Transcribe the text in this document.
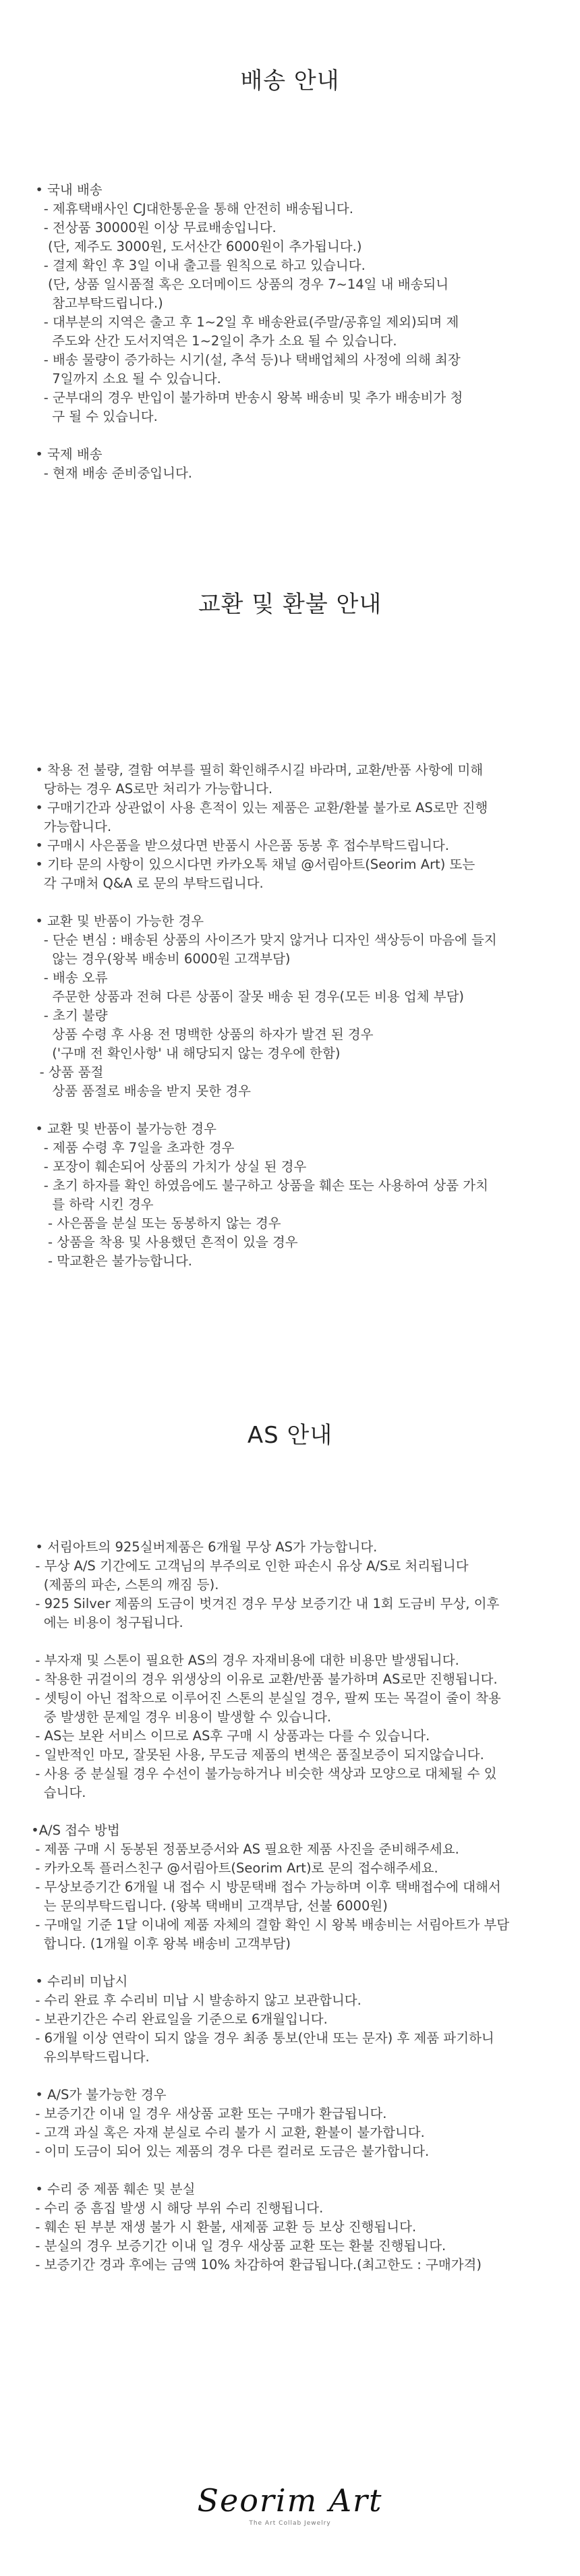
배송 안내
• 국내 배송
- 제휴택배사인 CJ대한통운을 통해 안전히 배송됩니다.
- 전상품 30000원 이상 무료배송입니다.
(단, 제주도 3000원, 도서산간 6000원이 추가됩니다.)
- 결제 확인 후 3일 이내 출고를 원칙으로 하고 있습니다.
(단, 상품 일시품절 혹은 오더메이드 상품의 경우 7~14일 내 배송되니
참고부탁드립니다.)
- 대부분의 지역은 출고 후 1~2일 후 배송완료(주말/공휴일 제외)되며 제
주도와 산간 도서지역은 1~2일이 추가 소요 될 수 있습니다.
- 배송 물량이 증가하는 시기(설, 추석 등)나 택배업체의 사정에 의해 최장
7일까지 소요 될 수 있습니다.
- 군부대의 경우 반입이 불가하며 반송시 왕복 배송비 및 추가 배송비가 청
구 될 수 있습니다.
• 국제 배송
- 현재 배송 준비중입니다.
교환 및 환불 안내
• 착용 전 불량, 결함 여부를 필히 확인해주시길 바라며, 교환/반품 사항에 미해
당하는 경우 AS로만 처리가 가능합니다.
• 구매기간과 상관없이 사용 흔적이 있는 제품은 교환/환불 불가로 AS로만 진행
가능합니다.
• 구매시 사은품을 받으셨다면 반품시 사은품 동봉 후 접수부탁드립니다.
• 기타 문의 사항이 있으시다면 카카오톡 채널 @서림아트(Seorim Art) 또는
각 구매처 Q&A 로 문의 부탁드립니다.
• 교환 및 반품이 가능한 경우
- 단순 변심 : 배송된 상품의 사이즈가 맞지 않거나 디자인 색상등이 마음에 들지
않는 경우(왕복 배송비 6000원 고객부담)
- 배송 오류
주문한 상품과 전혀 다른 상품이 잘못 배송 된 경우(모든 비용 업체 부담)
- 초기 불량
상품 수령 후 사용 전 명백한 상품의 하자가 발견 된 경우
('구매 전 확인사항' 내 해당되지 않는 경우에 한함)
- 상품 품절
상품 품절로 배송을 받지 못한 경우
• 교환 및 반품이 불가능한 경우
- 제품 수령 후 7일을 초과한 경우
- 포장이 훼손되어 상품의 가치가 상실 된 경우
- 초기 하자를 확인 하였음에도 불구하고 상품을 훼손 또는 사용하여 상품 가치
를 하락 시킨 경우
- 사은품을 분실 또는 동봉하지 않는 경우
- 상품을 착용 및 사용했던 흔적이 있을 경우
- 막교환은 불가능합니다.
AS 안내
• 서림아트의 925실버제품은 6개월 무상 AS가 가능합니다.
- 무상 A/S 기간에도 고객님의 부주의로 인한 파손시 유상 A/S로 처리됩니다
(제품의 파손, 스톤의 깨짐 등).
- 925 Silver 제품의 도금이 벗겨진 경우 무상 보증기간 내 1회 도금비 무상, 이후
에는 비용이 청구됩니다.
- 부자재 및 스톤이 필요한 AS의 경우 자재비용에 대한 비용만 발생됩니다.
- 착용한 귀걸이의 경우 위생상의 이유로 교환/반품 불가하며 AS로만 진행됩니다.
- 셋팅이 아닌 접착으로 이루어진 스톤의 분실일 경우, 팔찌 또는 목걸이 줄이 착용
중 발생한 문제일 경우 비용이 발생할 수 있습니다.
- AS는 보완 서비스 이므로 AS후 구매 시 상품과는 다를 수 있습니다.
- 일반적인 마모, 잘못된 사용, 무도금 제품의 변색은 품질보증이 되지않습니다.
- 사용 중 분실될 경우 수선이 불가능하거나 비슷한 색상과 모양으로 대체될 수 있
습니다.
•A/S 접수 방법
- 제품 구매 시 동봉된 정품보증서와 AS 필요한 제품 사진을 준비해주세요.
- 카카오톡 플러스친구 @서림아트(Seorim Art)로 문의 접수해주세요.
- 무상보증기간 6개월 내 접수 시 방문택배 접수 가능하며 이후 택배접수에 대해서
는 문의부탁드립니다. (왕복 택배비 고객부담, 선불 6000원)
- 구매일 기준 1달 이내에 제품 자체의 결함 확인 시 왕복 배송비는 서림아트가 부담
합니다. (1개월 이후 왕복 배송비 고객부담)
• 수리비 미납시
- 수리 완료 후 수리비 미납 시 발송하지 않고 보관합니다.
- 보관기간은 수리 완료일을 기준으로 6개월입니다.
- 6개월 이상 연락이 되지 않을 경우 최종 통보(안내 또는 문자) 후 제품 파기하니
유의부탁드립니다.
• A/S가 불가능한 경우
- 보증기간 이내 일 경우 새상품 교환 또는 구매가 환급됩니다.
- 고객 과실 혹은 자재 분실로 수리 불가 시 교환, 환불이 불가합니다.
- 이미 도금이 되어 있는 제품의 경우 다른 컬러로 도금은 불가합니다.
• 수리 중 제품 훼손 및 분실
- 수리 중 흠집 발생 시 해당 부위 수리 진행됩니다.
- 훼손 된 부분 재생 불가 시 환불, 새제품 교환 등 보상 진행됩니다.
- 분실의 경우 보증기간 이내 일 경우 새상품 교환 또는 환불 진행됩니다.
- 보증기간 경과 후에는 금액 10% 차감하여 환급됩니다.(최고한도 : 구매가격)
Seorim Art
The Art Collab Jewelry
